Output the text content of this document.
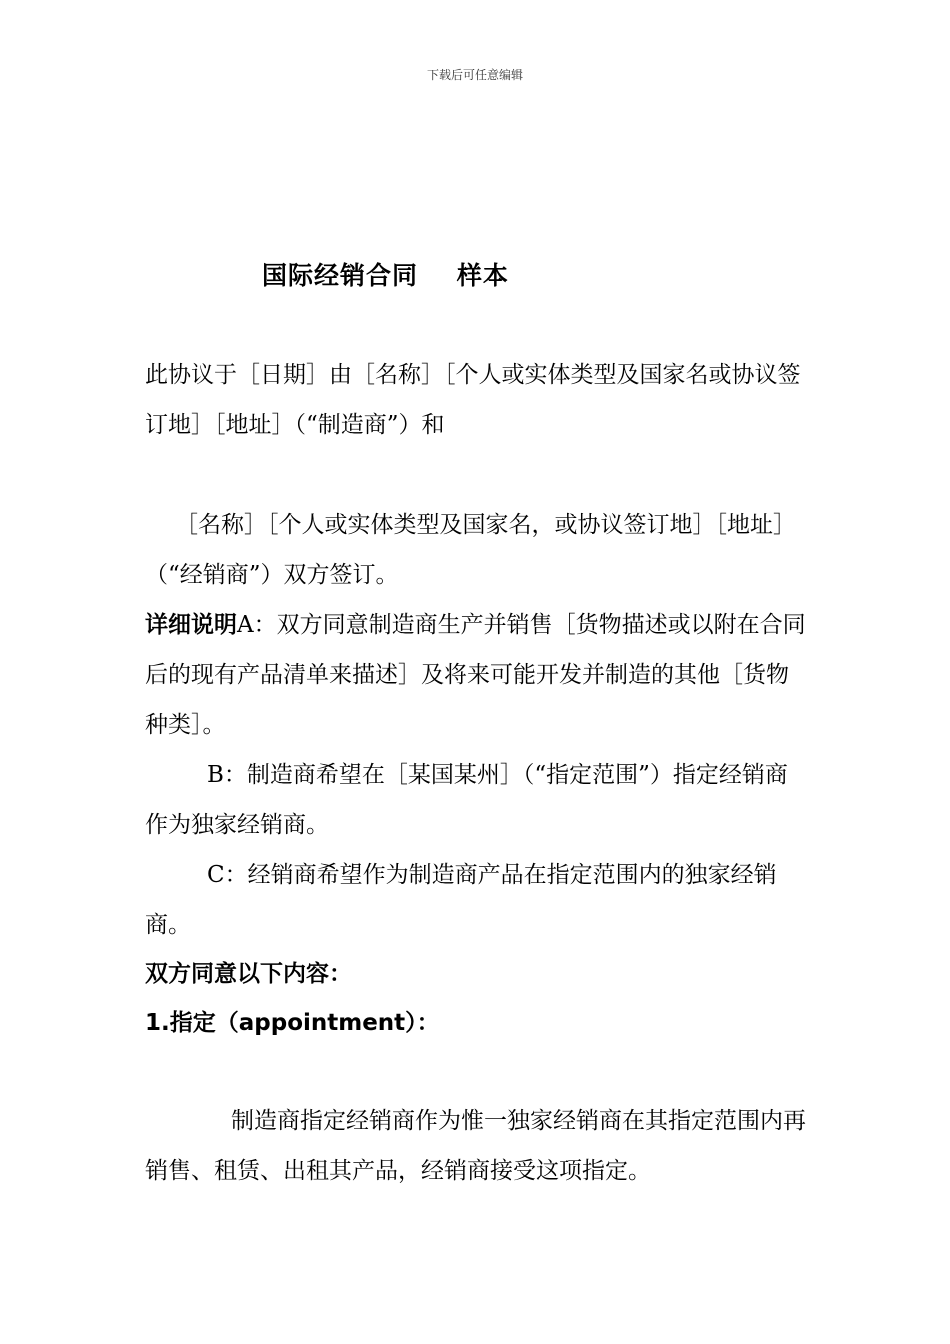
下载后可任意编辑
国际经销合同    样本
此协议于［日期］由［名称］［个人或实体类型及国家名或协议签订地］［地址］（“制造商”）和
［名称］［个人或实体类型及国家名，或协议签订地］［地址］（“经销商”）双方签订。
详细说明A：双方同意制造商生产并销售［货物描述或以附在合同后的现有产品清单来描述］及将来可能开发并制造的其他［货物种类］。
B：制造商希望在［某国某州］（“指定范围”）指定经销商作为独家经销商。
C：经销商希望作为制造商产品在指定范围内的独家经销商。
双方同意以下内容：
1.指定（appointment）：
制造商指定经销商作为惟一独家经销商在其指定范围内再销售、租赁、出租其产品，经销商接受这项指定。
